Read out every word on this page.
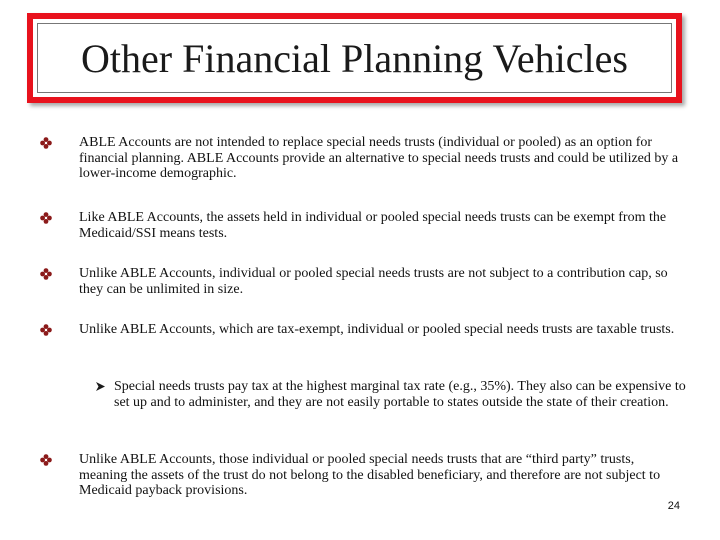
Other Financial Planning Vehicles
ABLE Accounts are not intended to replace special needs trusts (individual or pooled) as an option for financial planning. ABLE Accounts provide an alternative to special needs trusts and could be utilized by a lower-income demographic.
Like ABLE Accounts, the assets held in individual or pooled special needs trusts can be exempt from the Medicaid/SSI means tests.
Unlike ABLE Accounts, individual or pooled special needs trusts are not subject to a contribution cap, so they can be unlimited in size.
Unlike ABLE Accounts, which are tax-exempt, individual or pooled special needs trusts are taxable trusts.
Special needs trusts pay tax at the highest marginal tax rate (e.g., 35%). They also can be expensive to set up and to administer, and they are not easily portable to states outside the state of their creation.
Unlike ABLE Accounts, those individual or pooled special needs trusts that are “third party” trusts, meaning the assets of the trust do not belong to the disabled beneficiary, and therefore are not subject to Medicaid payback provisions.
24
